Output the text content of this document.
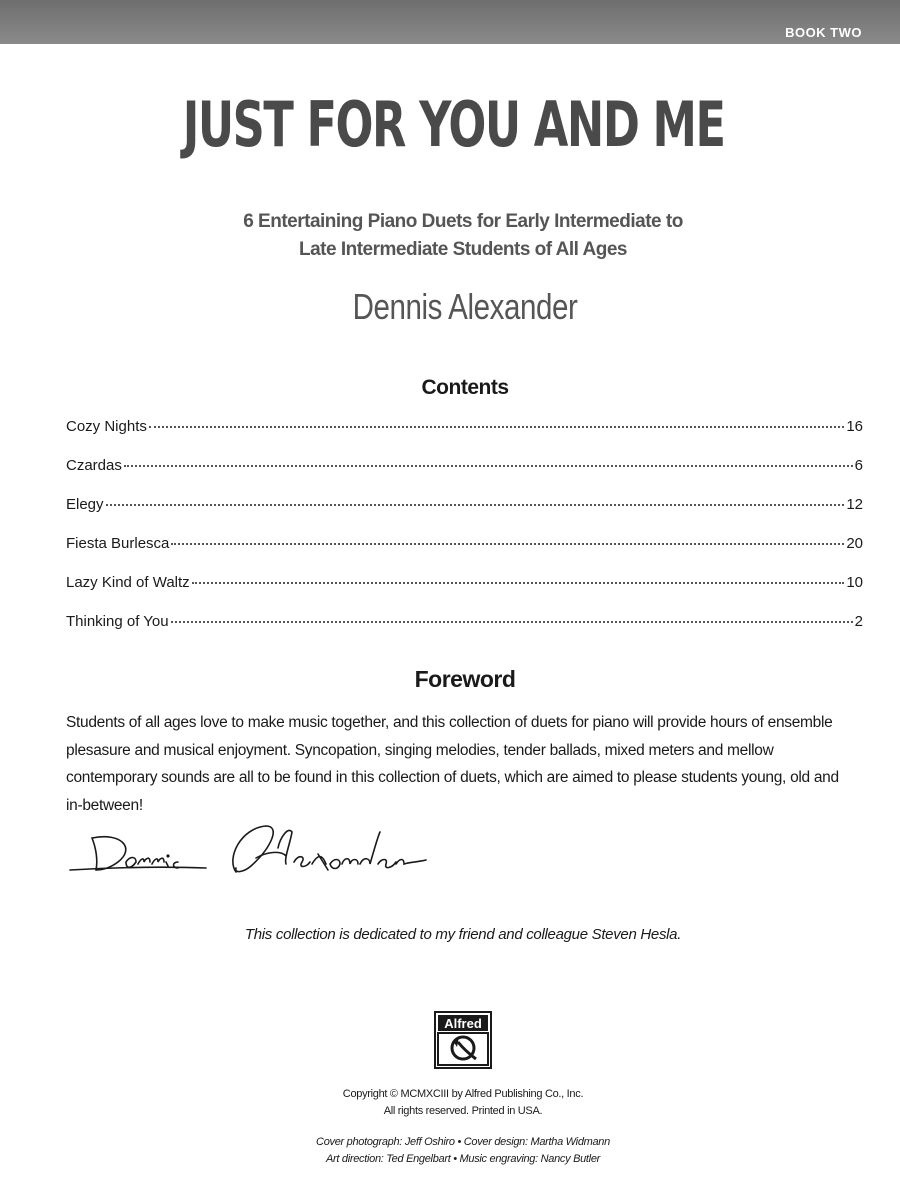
BOOK TWO
JUST FOR YOU AND ME
6 Entertaining Piano Duets for Early Intermediate to
Late Intermediate Students of All Ages
Dennis Alexander
Contents
Cozy Nights	16
Czardas	6
Elegy	12
Fiesta Burlesca	20
Lazy Kind of Waltz	10
Thinking of You	2
Foreword
Students of all ages love to make music together, and this collection of duets for piano will provide hours of ensemble plesasure and musical enjoyment. Syncopation, singing melodies, tender ballads, mixed meters and mellow contemporary sounds are all to be found in this collection of duets, which are aimed to please students young, old and in-between!
This collection is dedicated to my friend and colleague Steven Hesla.
Alfred
Copyright © MCMXCIII by Alfred Publishing Co., Inc.
All rights reserved. Printed in USA.
Cover photograph: Jeff Oshiro • Cover design: Martha Widmann
Art direction: Ted Engelbart • Music engraving: Nancy Butler
